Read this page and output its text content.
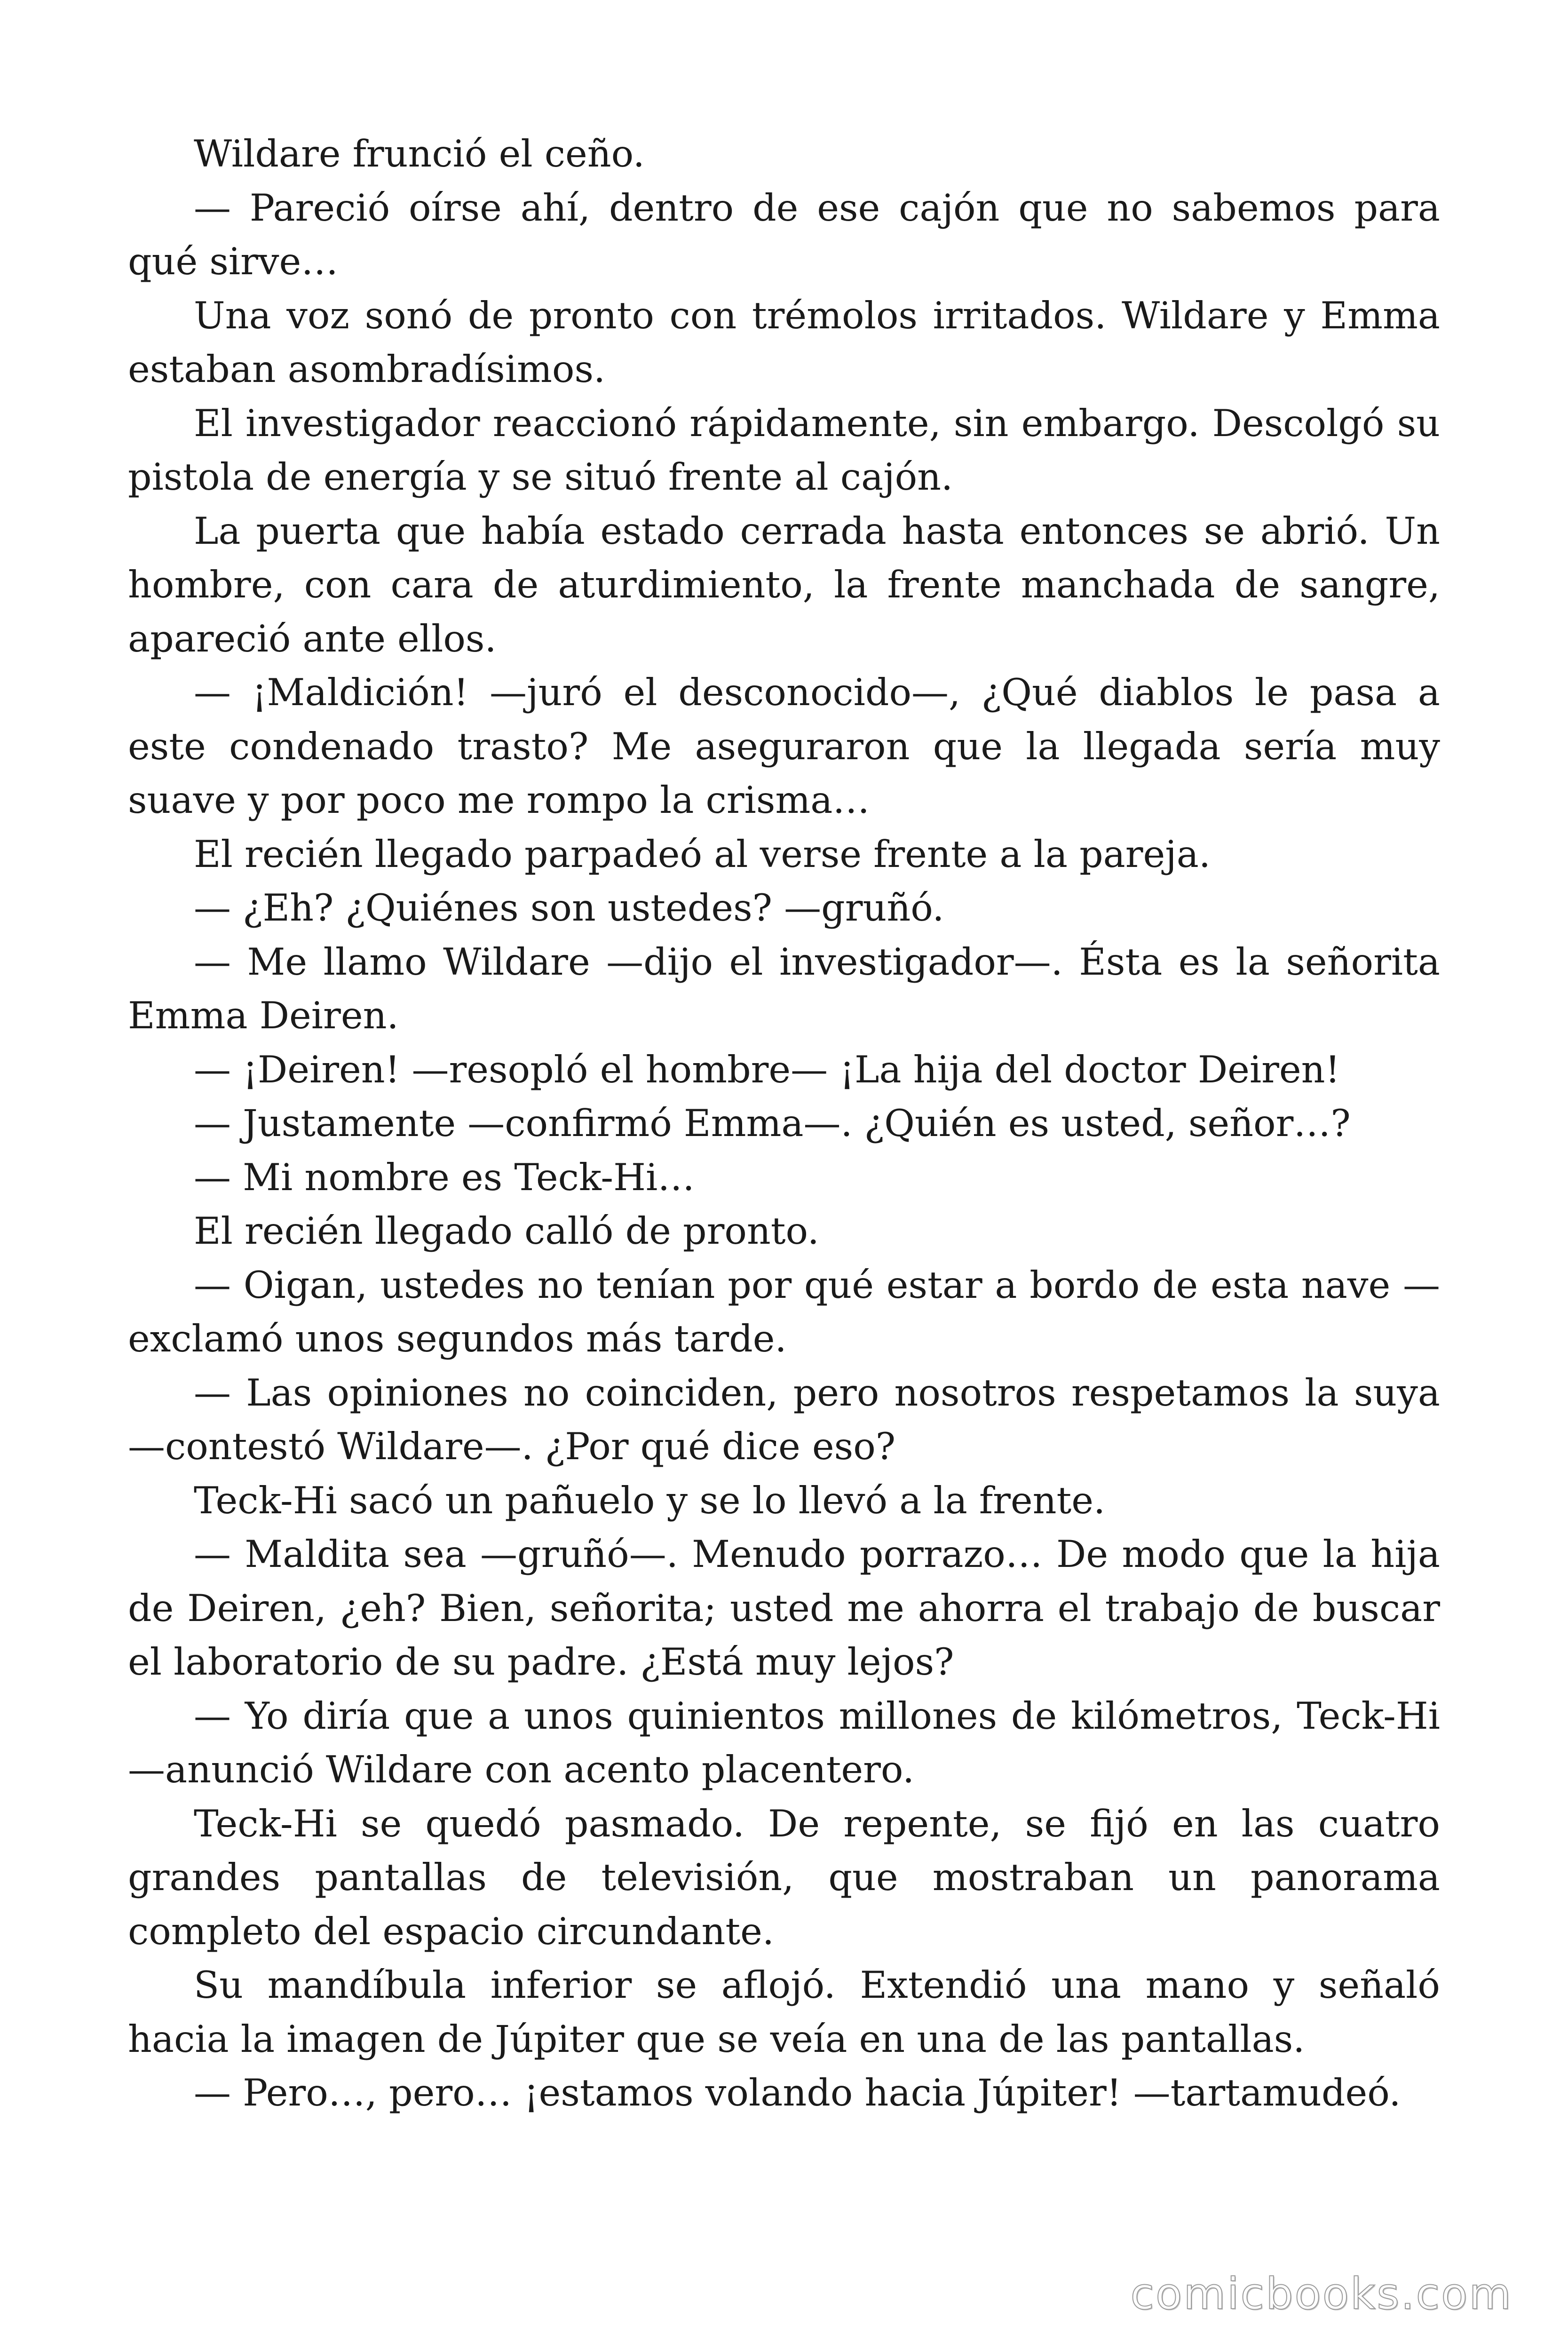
Wildare frunció el ceño.

— Pareció oírse ahí, dentro de ese cajón que no sabemos para qué sirve…

Una voz sonó de pronto con trémolos irritados. Wildare y Emma estaban asombradísimos.

El investigador reaccionó rápidamente, sin embargo. Descolgó su pistola de energía y se situó frente al cajón.

La puerta que había estado cerrada hasta entonces se abrió. Un hombre, con cara de aturdimiento, la frente manchada de sangre, apareció ante ellos.

— ¡Maldición! —juró el desconocido—, ¿Qué diablos le pasa a este condenado trasto? Me aseguraron que la llegada sería muy suave y por poco me rompo la crisma…

El recién llegado parpadeó al verse frente a la pareja.

— ¿Eh? ¿Quiénes son ustedes? —gruñó.

— Me llamo Wildare —dijo el investigador—. Ésta es la señorita Emma Deiren.

— ¡Deiren! —resopló el hombre— ¡La hija del doctor Deiren!

— Justamente —confirmó Emma—. ¿Quién es usted, señor…?

— Mi nombre es Teck-Hi…

El recién llegado calló de pronto.

— Oigan, ustedes no tenían por qué estar a bordo de esta nave —exclamó unos segundos más tarde.

— Las opiniones no coinciden, pero nosotros respetamos la suya —contestó Wildare—. ¿Por qué dice eso?

Teck-Hi sacó un pañuelo y se lo llevó a la frente.

— Maldita sea —gruñó—. Menudo porrazo… De modo que la hija de Deiren, ¿eh? Bien, señorita; usted me ahorra el trabajo de buscar el laboratorio de su padre. ¿Está muy lejos?

— Yo diría que a unos quinientos millones de kilómetros, Teck-Hi —anunció Wildare con acento placentero.

Teck-Hi se quedó pasmado. De repente, se fijó en las cuatro grandes pantallas de televisión, que mostraban un panorama completo del espacio circundante.

Su mandíbula inferior se aflojó. Extendió una mano y señaló hacia la imagen de Júpiter que se veía en una de las pantallas.

— Pero…, pero… ¡estamos volando hacia Júpiter! —tartamudeó.

comicbooks.com
